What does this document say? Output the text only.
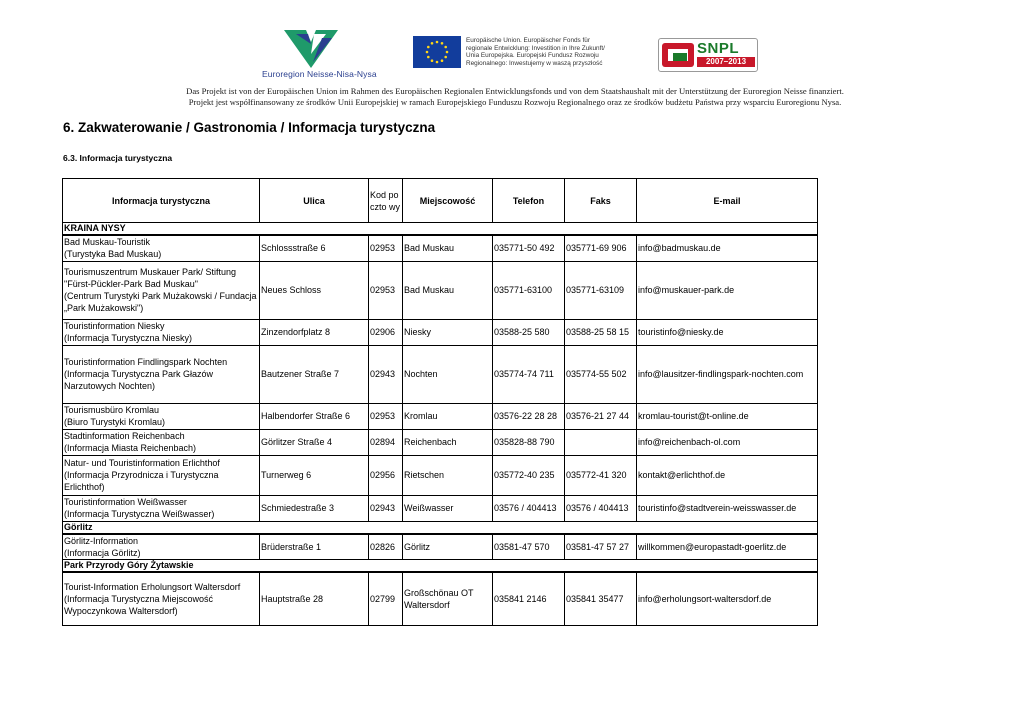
Euroregion Neisse-Nisa-Nysa
Europäische Union. Europäischer Fonds für
regionale Entwicklung: Investition in Ihre Zukunft/
Unia Europejska. Europejski Fundusz Rozwoju
Regionalnego: Inwestujemy w waszą przyszłość
SNPL
2007–2013
Das Projekt ist von der Europäischen Union im Rahmen des Europäischen Regionalen Entwicklungsfonds und von dem Staatshaushalt mit der Unterstützung der Euroregion Neisse finanziert.
Projekt jest współfinansowany ze środków Unii Europejskiej w ramach Europejskiego Funduszu Rozwoju Regionalnego oraz ze środków budżetu Państwa przy wsparciu Euroregionu Nysa.
6. Zakwaterowanie / Gastronomia / Informacja turystyczna
6.3. Informacja turystyczna
Informacja turystyczna	Ulica	Kod poczto wy	Miejscowość	Telefon	Faks	E-mail
KRAINA NYSY						
Bad Muskau-Touristik
(Turystyka Bad Muskau)	Schlossstraße 6	02953	Bad Muskau	035771-50 492	035771-69 906	info@badmuskau.de
Tourismuszentrum Muskauer Park/ Stiftung "Fürst-Pückler-Park Bad Muskau"
(Centrum Turystyki Park Mużakowski / Fundacja „Park Mużakowski")	Neues Schloss	02953	Bad Muskau	035771-63100	035771-63109	info@muskauer-park.de
Touristinformation Niesky
(Informacja Turystyczna Niesky)	Zinzendorfplatz 8	02906	Niesky	03588-25 580	03588-25 58 15	touristinfo@niesky.de
Touristinformation Findlingspark Nochten
(Informacja Turystyczna Park Głazów Narzutowych Nochten)	Bautzener Straße 7	02943	Nochten	035774-74 711	035774-55 502	info@lausitzer-findlingspark-nochten.com
Tourismusbüro Kromlau
(Biuro Turystyki Kromlau)	Halbendorfer Straße 6	02953	Kromlau	03576-22 28 28	03576-21 27 44	kromlau-tourist@t-online.de
Stadtinformation Reichenbach
(Informacja Miasta Reichenbach)	Görlitzer Straße 4	02894	Reichenbach	035828-88 790		info@reichenbach-ol.com
Natur- und Touristinformation Erlichthof
(Informacja Przyrodnicza i Turystyczna Erlichthof)	Turnerweg 6	02956	Rietschen	035772-40 235	035772-41 320	kontakt@erlichthof.de
Touristinformation Weißwasser
(Informacja Turystyczna Weißwasser)	Schmiedestraße 3	02943	Weißwasser	03576 / 404413	03576 / 404413	touristinfo@stadtverein-weisswasser.de
Görlitz						
Görlitz-Information
(Informacja Görlitz)	Brüderstraße 1	02826	Görlitz	03581-47 570	03581-47 57 27	willkommen@europastadt-goerlitz.de
Park Przyrody Góry Żytawskie						
Tourist-Information Erholungsort Waltersdorf
(Informacja Turystyczna Miejscowość Wypoczynkowa Waltersdorf)	Hauptstraße 28	02799	Großschönau OT Waltersdorf	035841 2146	035841 35477	info@erholungsort-waltersdorf.de
